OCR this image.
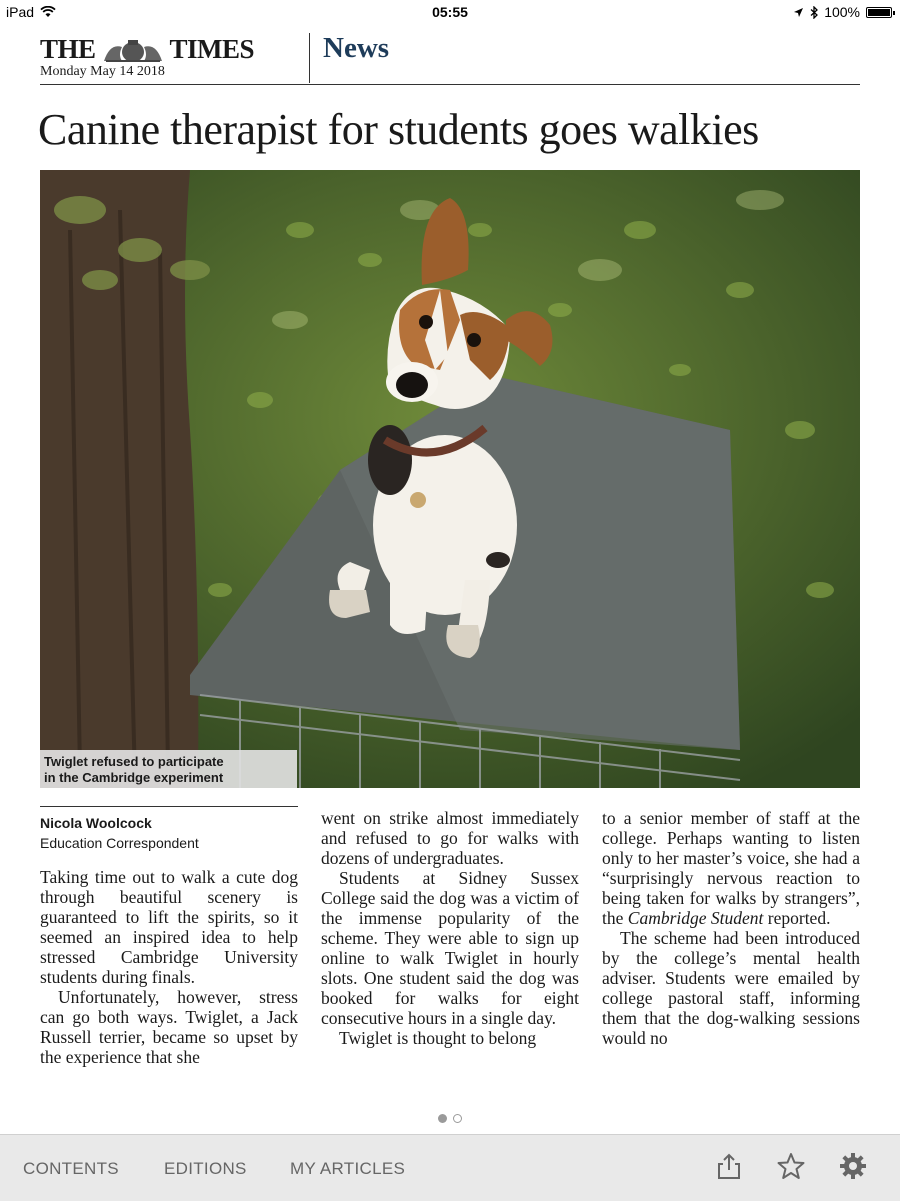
iPad	05:55	100%
THE	TIMES
Monday May 14 2018
News
Canine therapist for students goes walkies
Twiglet refused to participate
in the Cambridge experiment
Nicola Woolcock
Education Correspondent

Taking time out to walk a cute dog through beautiful scenery is guaranteed to lift the spirits, so it seemed an inspired idea to help stressed Cambridge University students during finals.

Unfortunately, however, stress can go both ways. Twiglet, a Jack Russell terrier, became so upset by the experience that she

went on strike almost immediately and refused to go for walks with dozens of undergraduates.

Students at Sidney Sussex College said the dog was a victim of the immense popularity of the scheme. They were able to sign up online to walk Twiglet in hourly slots. One student said the dog was booked for walks for eight consecutive hours in a single day.

Twiglet is thought to belong

to a senior member of staff at the college. Perhaps wanting to listen only to her master’s voice, she had a “surprisingly nervous reaction to being taken for walks by strangers”, the Cambridge Student reported.

The scheme had been introduced by the college’s mental health adviser. Students were emailed by college pastoral staff, informing them that the dog-walking sessions would no

CONTENTS	EDITIONS	MY ARTICLES
